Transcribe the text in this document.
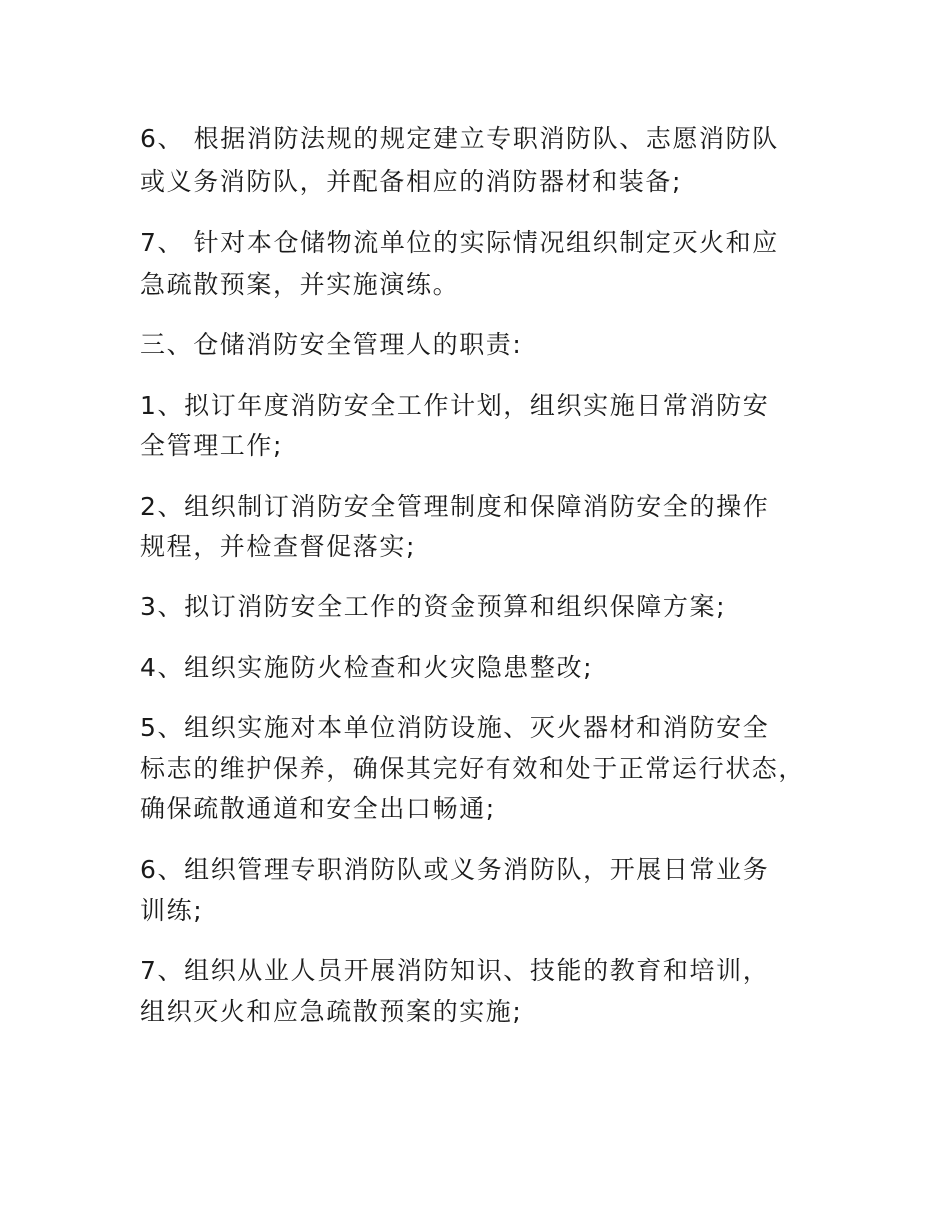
6、 根据消防法规的规定建立专职消防队、志愿消防队

或义务消防队，并配备相应的消防器材和装备;

7、 针对本仓储物流单位的实际情况组织制定灭火和应

急疏散预案，并实施演练。

三、仓储消防安全管理人的职责:

1、拟订年度消防安全工作计划，组织实施日常消防安

全管理工作;

2、组织制订消防安全管理制度和保障消防安全的操作

规程，并检查督促落实;

3、拟订消防安全工作的资金预算和组织保障方案;

4、组织实施防火检查和火灾隐患整改;

5、组织实施对本单位消防设施、灭火器材和消防安全

标志的维护保养，确保其完好有效和处于正常运行状态，

确保疏散通道和安全出口畅通;

6、组织管理专职消防队或义务消防队，开展日常业务

训练;

7、组织从业人员开展消防知识、技能的教育和培训，

组织灭火和应急疏散预案的实施;
